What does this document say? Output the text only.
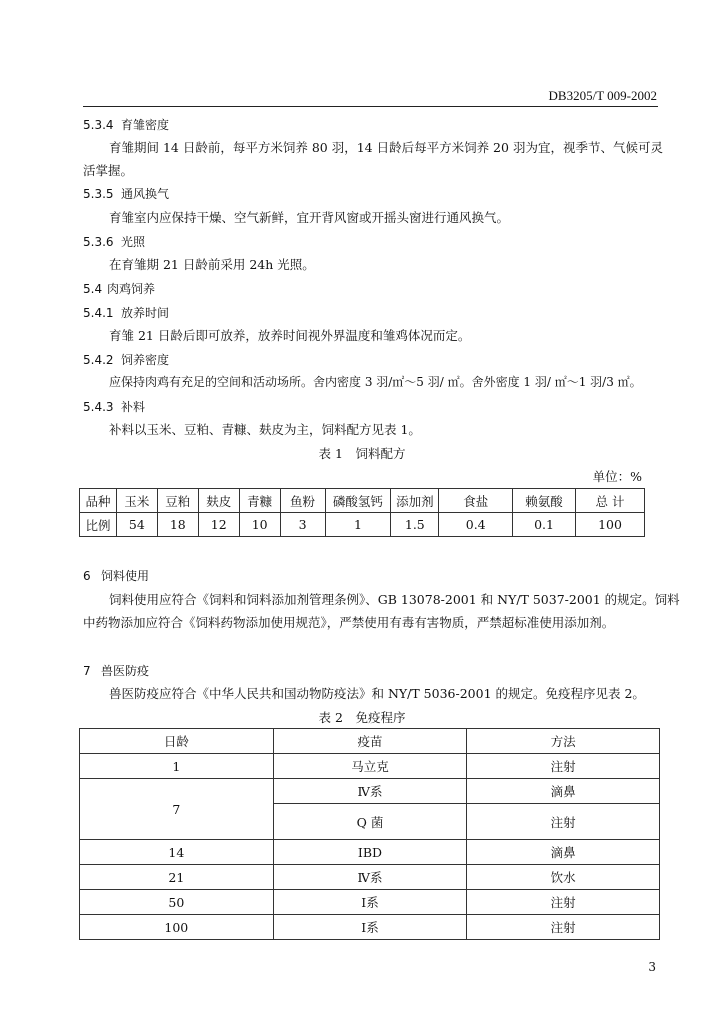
DB3205/T 009-2002
5.3.4 育雏密度
育雏期间 14 日龄前，每平方米饲养 80 羽，14 日龄后每平方米饲养 20 羽为宜，视季节、气候可灵
活掌握。
5.3.5 通风换气
育雏室内应保持干燥、空气新鲜，宜开背风窗或开摇头窗进行通风换气。
5.3.6 光照
在育雏期 21 日龄前采用 24h 光照。
5.4 肉鸡饲养
5.4.1 放养时间
育雏 21 日龄后即可放养，放养时间视外界温度和雏鸡体况而定。
5.4.2 饲养密度
应保持肉鸡有充足的空间和活动场所。舍内密度 3 羽/㎡～5 羽/ ㎡。舍外密度 1 羽/ ㎡～1 羽/3 ㎡。
5.4.3 补料
补料以玉米、豆粕、青糠、麸皮为主，饲料配方见表 1。
表 1　饲料配方
单位：%
品种	玉米	豆粕	麸皮	青糠	鱼粉	磷酸氢钙	添加剂	食盐	赖氨酸	总 计
比例	54	18	12	10	3	1	1.5	0.4	0.1	100
6 饲料使用
饲料使用应符合《饲料和饲料添加剂管理条例》、GB 13078-2001 和 NY/T 5037-2001 的规定。饲料
中药物添加应符合《饲料药物添加使用规范》，严禁使用有毒有害物质，严禁超标准使用添加剂。
7 兽医防疫
兽医防疫应符合《中华人民共和国动物防疫法》和 NY/T 5036-2001 的规定。免疫程序见表 2。
表 2　免疫程序
日龄	疫苗	方法
1	马立克	注射
7	Ⅳ系	滴鼻
	Q 菌	注射
14	IBD	滴鼻
21	Ⅳ系	饮水
50	Ⅰ系	注射
100	Ⅰ系	注射
3
